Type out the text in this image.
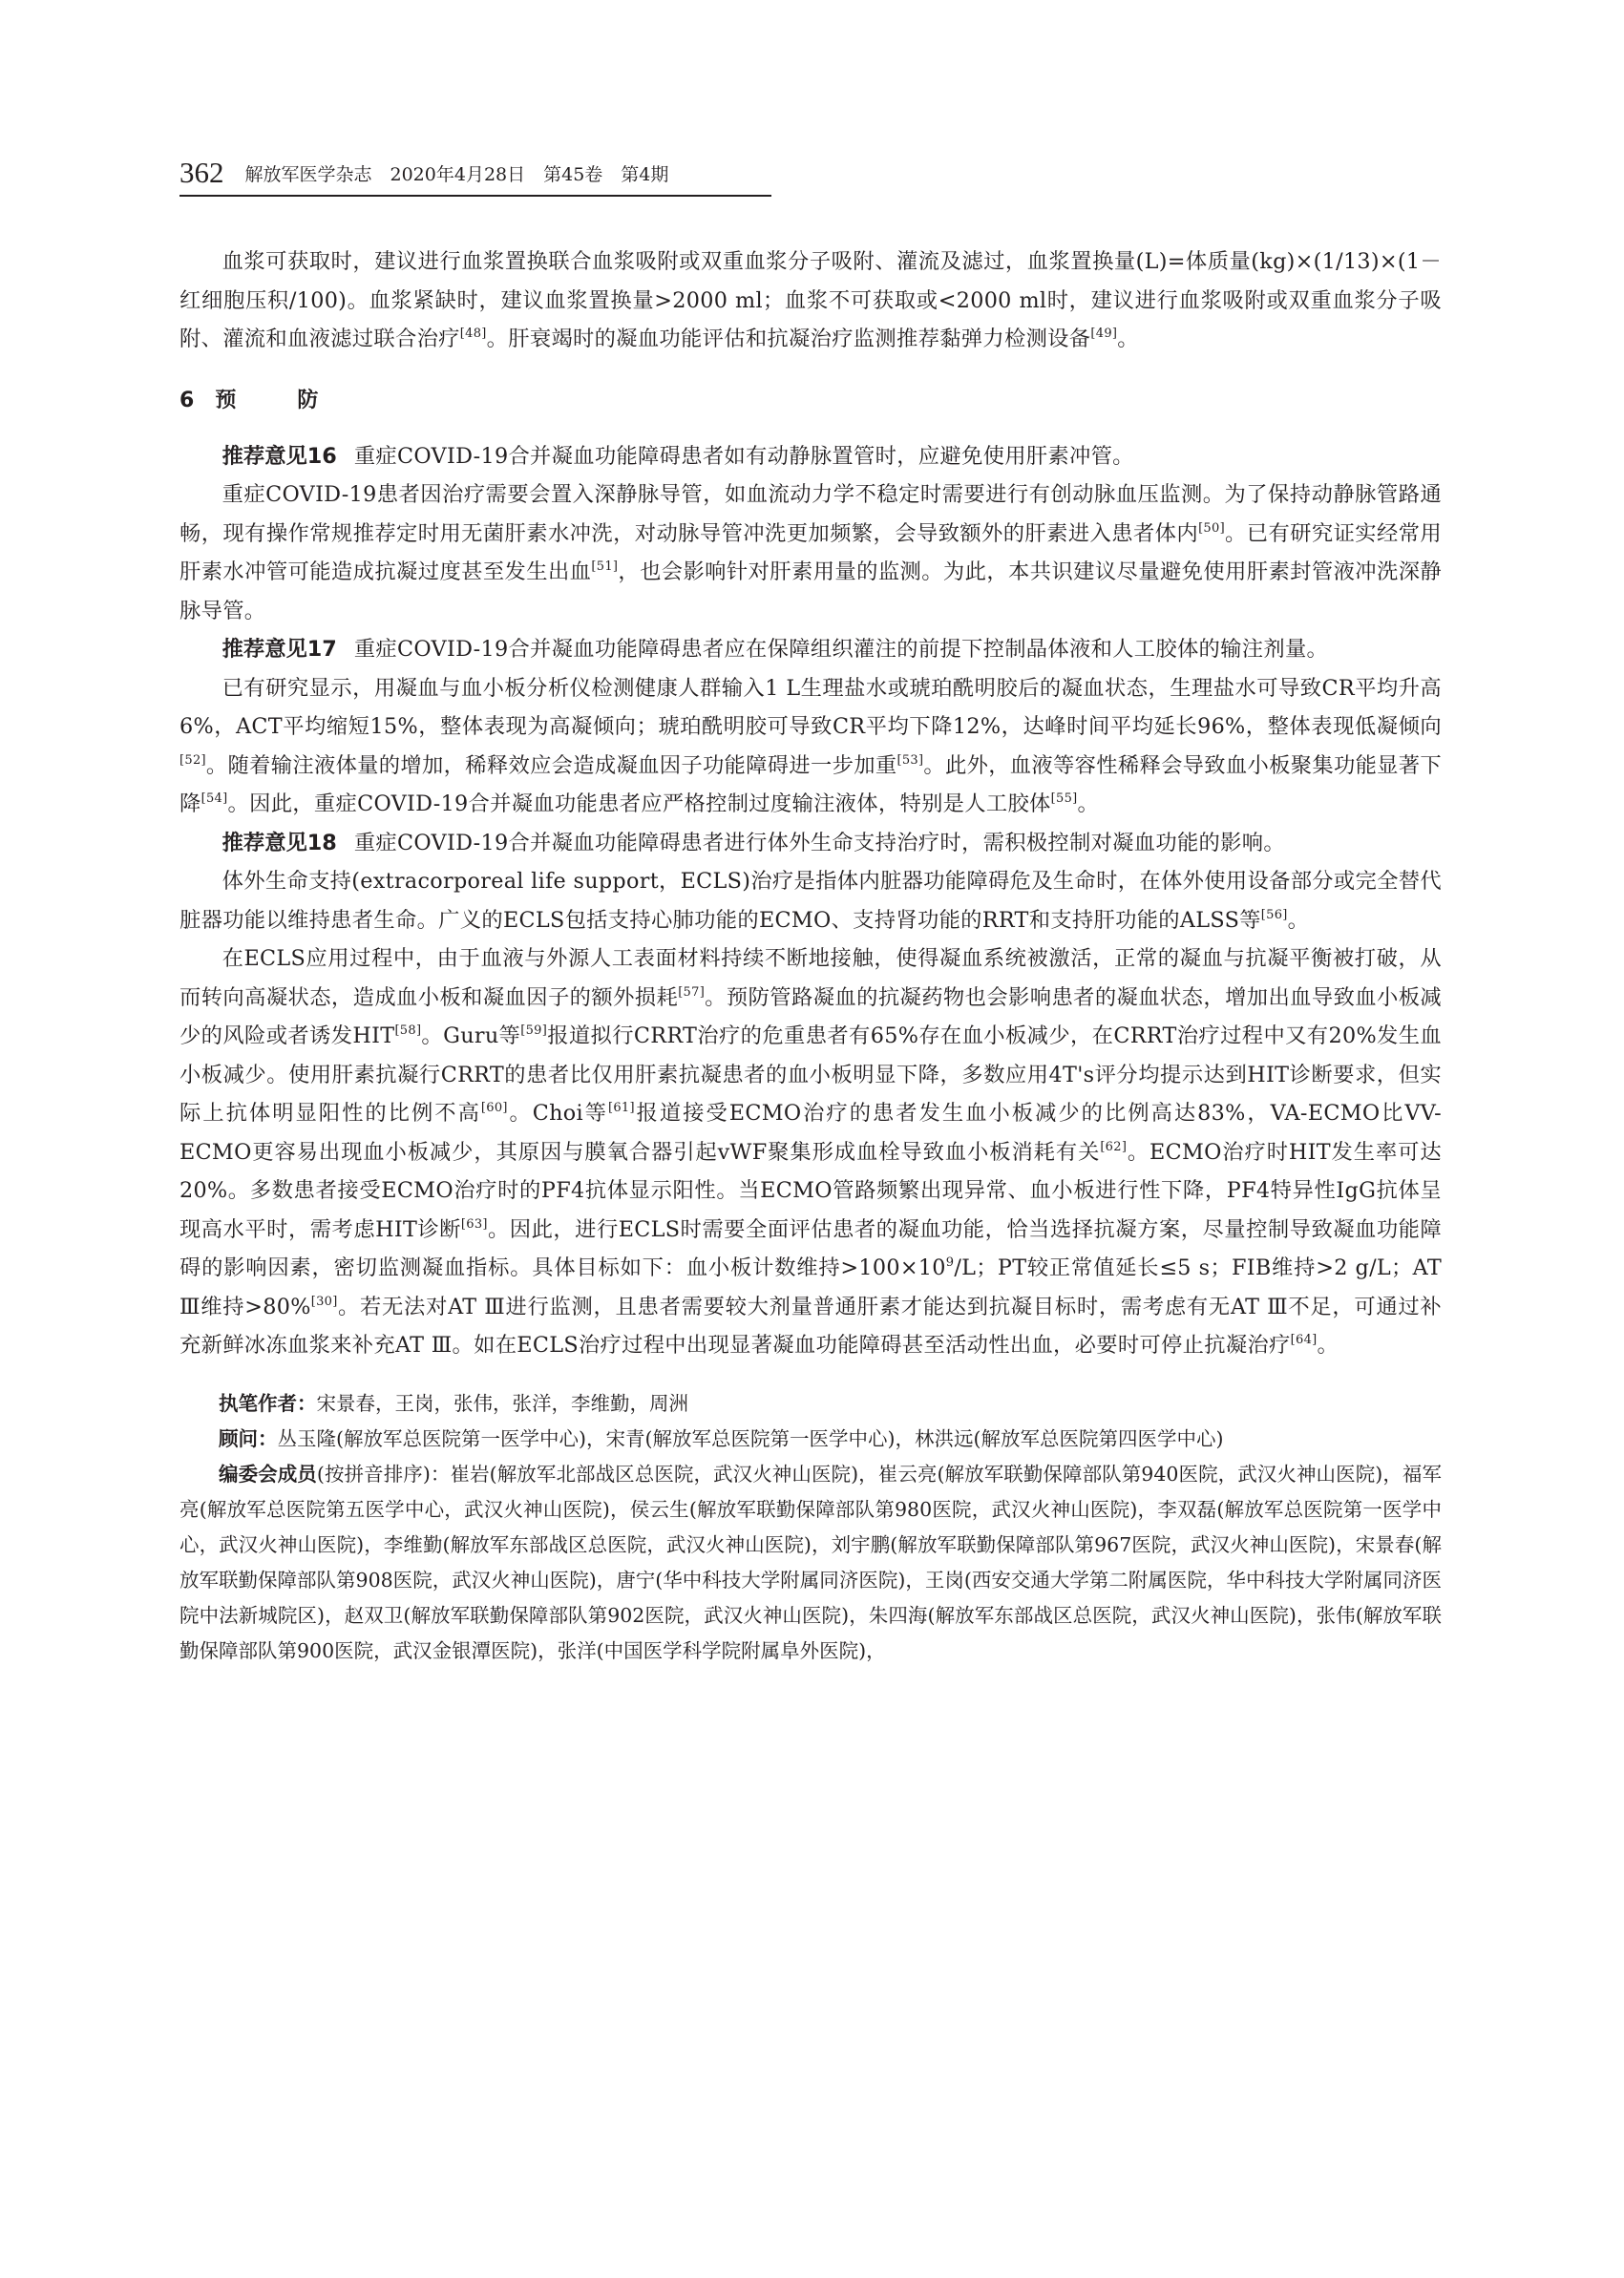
362 解放军医学杂志　2020年4月28日　第45卷　第4期

血浆可获取时，建议进行血浆置换联合血浆吸附或双重血浆分子吸附、灌流及滤过，血浆置换量(L)=体质量(kg)×(1/13)×(1－红细胞压积/100)。血浆紧缺时，建议血浆置换量>2000 ml；血浆不可获取或<2000 ml时，建议进行血浆吸附或双重血浆分子吸附、灌流和血液滤过联合治疗[48]。肝衰竭时的凝血功能评估和抗凝治疗监测推荐黏弹力检测设备[49]。

6 预	防

推荐意见16 重症COVID-19合并凝血功能障碍患者如有动静脉置管时，应避免使用肝素冲管。

重症COVID-19患者因治疗需要会置入深静脉导管，如血流动力学不稳定时需要进行有创动脉血压监测。为了保持动静脉管路通畅，现有操作常规推荐定时用无菌肝素水冲洗，对动脉导管冲洗更加频繁，会导致额外的肝素进入患者体内[50]。已有研究证实经常用肝素水冲管可能造成抗凝过度甚至发生出血[51]，也会影响针对肝素用量的监测。为此，本共识建议尽量避免使用肝素封管液冲洗深静脉导管。

推荐意见17 重症COVID-19合并凝血功能障碍患者应在保障组织灌注的前提下控制晶体液和人工胶体的输注剂量。

已有研究显示，用凝血与血小板分析仪检测健康人群输入1 L生理盐水或琥珀酰明胶后的凝血状态，生理盐水可导致CR平均升高6%，ACT平均缩短15%，整体表现为高凝倾向；琥珀酰明胶可导致CR平均下降12%，达峰时间平均延长96%，整体表现低凝倾向[52]。随着输注液体量的增加，稀释效应会造成凝血因子功能障碍进一步加重[53]。此外，血液等容性稀释会导致血小板聚集功能显著下降[54]。因此，重症COVID-19合并凝血功能患者应严格控制过度输注液体，特别是人工胶体[55]。

推荐意见18 重症COVID-19合并凝血功能障碍患者进行体外生命支持治疗时，需积极控制对凝血功能的影响。

体外生命支持(extracorporeal life support，ECLS)治疗是指体内脏器功能障碍危及生命时，在体外使用设备部分或完全替代脏器功能以维持患者生命。广义的ECLS包括支持心肺功能的ECMO、支持肾功能的RRT和支持肝功能的ALSS等[56]。

在ECLS应用过程中，由于血液与外源人工表面材料持续不断地接触，使得凝血系统被激活，正常的凝血与抗凝平衡被打破，从而转向高凝状态，造成血小板和凝血因子的额外损耗[57]。预防管路凝血的抗凝药物也会影响患者的凝血状态，增加出血导致血小板减少的风险或者诱发HIT[58]。Guru等[59]报道拟行CRRT治疗的危重患者有65%存在血小板减少，在CRRT治疗过程中又有20%发生血小板减少。使用肝素抗凝行CRRT的患者比仅用肝素抗凝患者的血小板明显下降，多数应用4T's评分均提示达到HIT诊断要求，但实际上抗体明显阳性的比例不高[60]。Choi等[61]报道接受ECMO治疗的患者发生血小板减少的比例高达83%，VA-ECMO比VV-ECMO更容易出现血小板减少，其原因与膜氧合器引起vWF聚集形成血栓导致血小板消耗有关[62]。ECMO治疗时HIT发生率可达20%。多数患者接受ECMO治疗时的PF4抗体显示阳性。当ECMO管路频繁出现异常、血小板进行性下降，PF4特异性IgG抗体呈现高水平时，需考虑HIT诊断[63]。因此，进行ECLS时需要全面评估患者的凝血功能，恰当选择抗凝方案，尽量控制导致凝血功能障碍的影响因素，密切监测凝血指标。具体目标如下：血小板计数维持$>100\times 10^9/L$；PT较正常值延长≤5 s；FIB维持>2 g/L；AT Ⅲ维持>80%[30]。若无法对AT Ⅲ进行监测，且患者需要较大剂量普通肝素才能达到抗凝目标时，需考虑有无AT Ⅲ不足，可通过补充新鲜冰冻血浆来补充AT Ⅲ。如在ECLS治疗过程中出现显著凝血功能障碍甚至活动性出血，必要时可停止抗凝治疗[64]。

执笔作者：宋景春，王岗，张伟，张洋，李维勤，周洲

顾问：丛玉隆(解放军总医院第一医学中心)，宋青(解放军总医院第一医学中心)，林洪远(解放军总医院第四医学中心)

编委会成员(按拼音排序)：崔岩(解放军北部战区总医院，武汉火神山医院)，崔云亮(解放军联勤保障部队第940医院，武汉火神山医院)，福军亮(解放军总医院第五医学中心，武汉火神山医院)，侯云生(解放军联勤保障部队第980医院，武汉火神山医院)，李双磊(解放军总医院第一医学中心，武汉火神山医院)，李维勤(解放军东部战区总医院，武汉火神山医院)，刘宇鹏(解放军联勤保障部队第967医院，武汉火神山医院)，宋景春(解放军联勤保障部队第908医院，武汉火神山医院)，唐宁(华中科技大学附属同济医院)，王岗(西安交通大学第二附属医院，华中科技大学附属同济医院中法新城院区)，赵双卫(解放军联勤保障部队第902医院，武汉火神山医院)，朱四海(解放军东部战区总医院，武汉火神山医院)，张伟(解放军联勤保障部队第900医院，武汉金银潭医院)，张洋(中国医学科学院附属阜外医院)，
